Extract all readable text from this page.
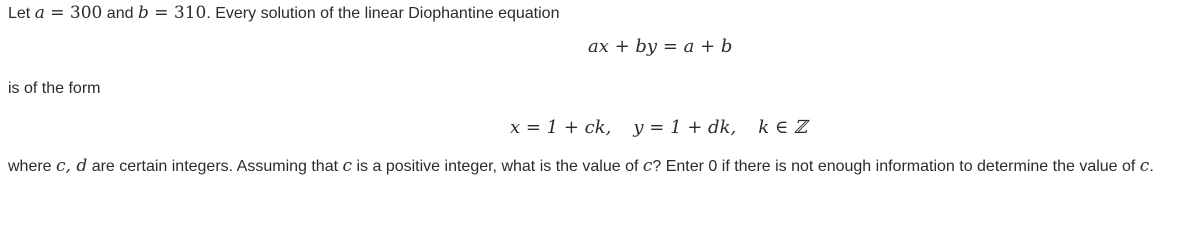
Let a = 300 and b = 310. Every solution of the linear Diophantine equation
ax + by = a + b
is of the form
x = 1 + ck, y = 1 + dk, k ∈ ℤ
where c, d are certain integers. Assuming that c is a positive integer, what is the value of c? Enter 0 if there is not enough information to determine the value of c.
